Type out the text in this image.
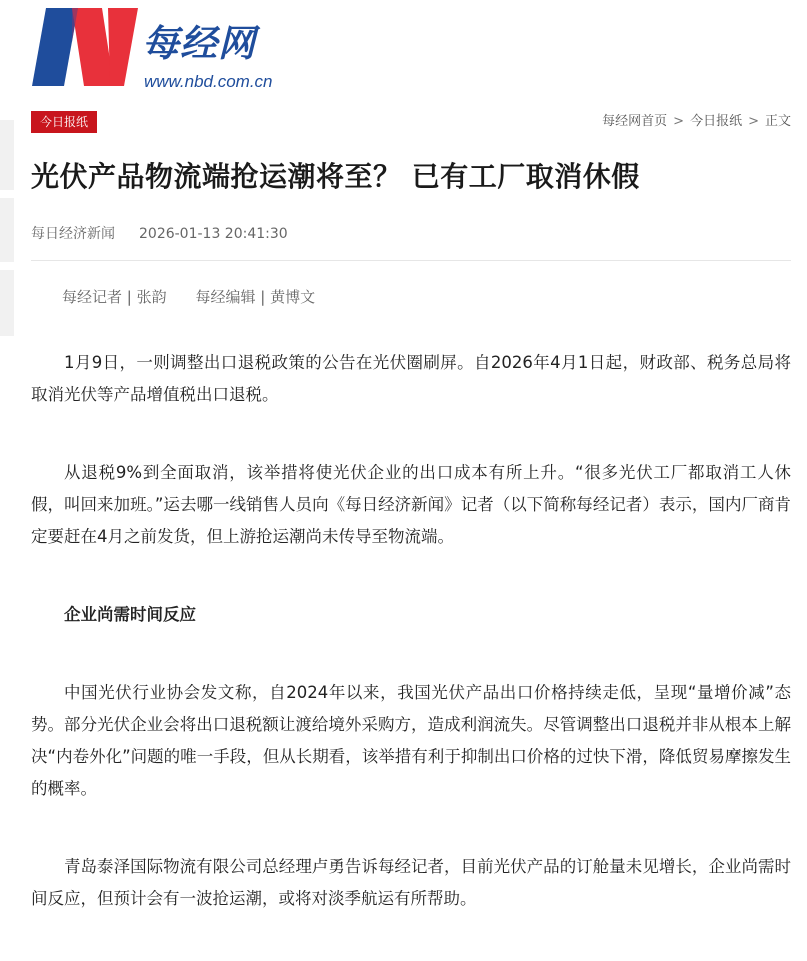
每经网
www.nbd.com.cn
今日报纸	每经网首页 > 今日报纸 > 正文
光伏产品物流端抢运潮将至？ 已有工厂取消休假
每日经济新闻 2026-01-13 20:41:30
每经记者 | 张韵 每经编辑 | 黄博文

1月9日，一则调整出口退税政策的公告在光伏圈刷屏。自2026年4月1日起，财政部、税务总局将取消光伏等产品增值税出口退税。

从退税9%到全面取消，该举措将使光伏企业的出口成本有所上升。“很多光伏工厂都取消工人休假，叫回来加班。”运去哪一线销售人员向《每日经济新闻》记者（以下简称每经记者）表示，国内厂商肯定要赶在4月之前发货，但上游抢运潮尚未传导至物流端。

企业尚需时间反应

中国光伏行业协会发文称，自2024年以来，我国光伏产品出口价格持续走低，呈现“量增价减”态势。部分光伏企业会将出口退税额让渡给境外采购方，造成利润流失。尽管调整出口退税并非从根本上解决“内卷外化”问题的唯一手段，但从长期看，该举措有利于抑制出口价格的过快下滑，降低贸易摩擦发生的概率。

青岛泰泽国际物流有限公司总经理卢勇告诉每经记者，目前光伏产品的订舱量未见增长，企业尚需时间反应，但预计会有一波抢运潮，或将对淡季航运有所帮助。
